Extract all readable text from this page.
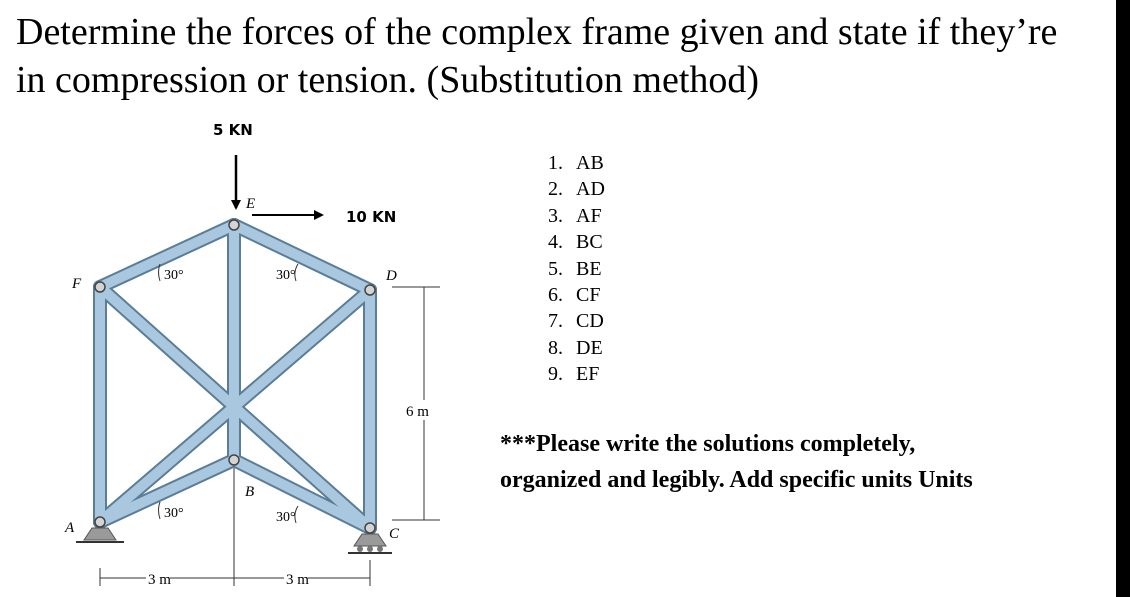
Determine the forces of the complex frame given and state if they’re
in compression or tension. (Substitution method)
5 KN
10 KN
E
F	D
B
A	C
30°	30°
30°	30°
6 m
3 m	3 m
1. AB
2. AD
3. AF
4. BC
5. BE
6. CF
7. CD
8. DE
9. EF
***Please write the solutions completely,
organized and legibly. Add specific units Units
